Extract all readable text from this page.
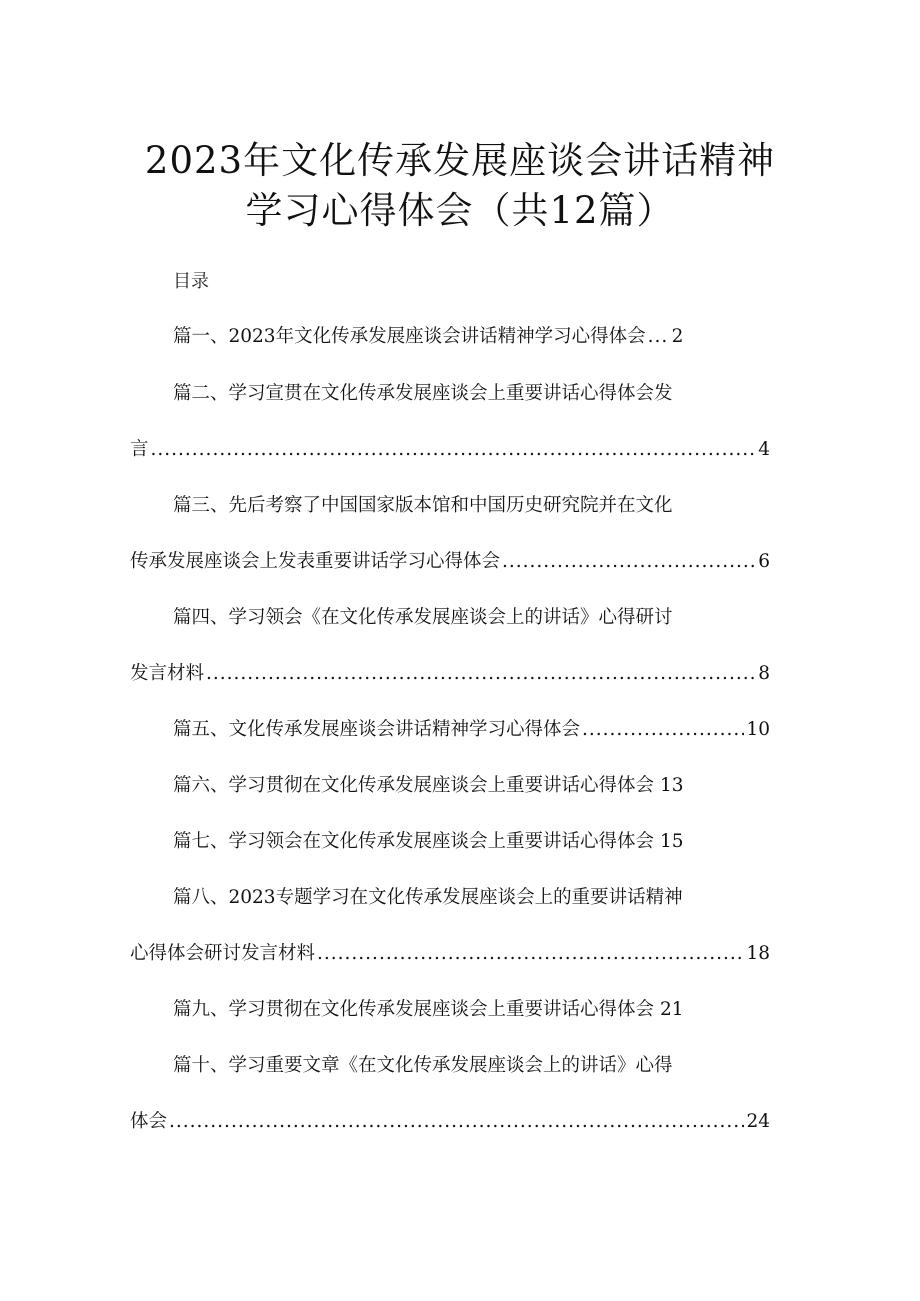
2023年文化传承发展座谈会讲话精神
学习心得体会（共12篇）
目录
篇一、2023年文化传承发展座谈会讲话精神学习心得体会 ..... 2
篇二、学习宣贯在文化传承发展座谈会上重要讲话心得体会发
言 .....	4
篇三、先后考察了中国国家版本馆和中国历史研究院并在文化
传承发展座谈会上发表重要讲话学习心得体会 .....	6
篇四、学习领会《在文化传承发展座谈会上的讲话》心得研讨
发言材料 .....	8
篇五、文化传承发展座谈会讲话精神学习心得体会 .....	10
篇六、学习贯彻在文化传承发展座谈会上重要讲话心得体会 13
篇七、学习领会在文化传承发展座谈会上重要讲话心得体会 15
篇八、2023专题学习在文化传承发展座谈会上的重要讲话精神
心得体会研讨发言材料 .....	18
篇九、学习贯彻在文化传承发展座谈会上重要讲话心得体会 21
篇十、学习重要文章《在文化传承发展座谈会上的讲话》心得
体会 .....	24
